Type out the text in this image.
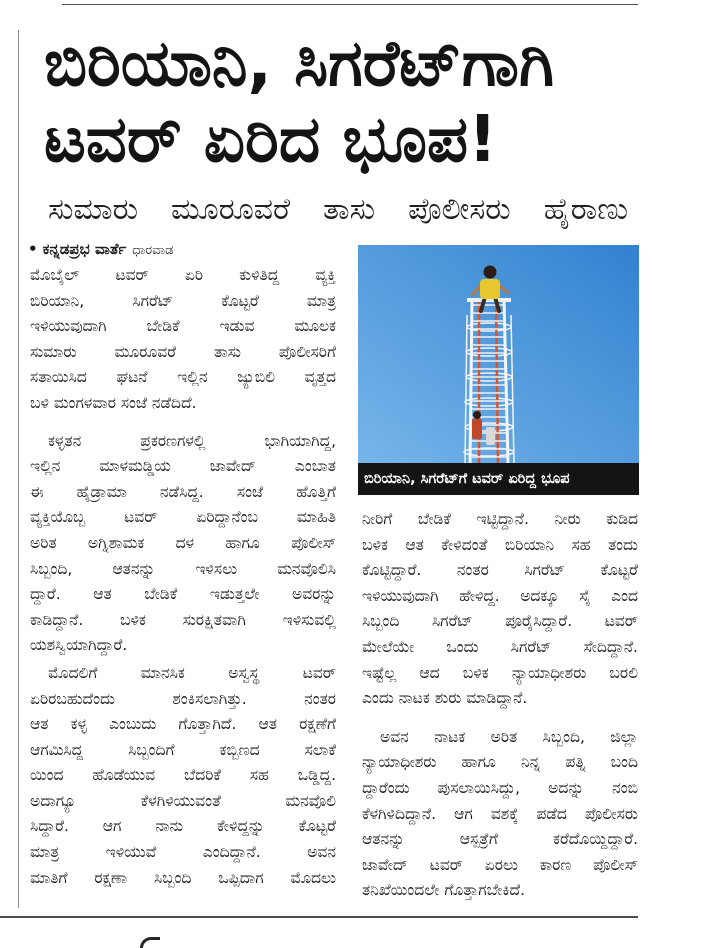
ಬಿರಿಯಾನಿ, ಸಿಗರೆಟ್‌ಗಾಗಿ
ಟವರ್ ಏರಿದ ಭೂಪ!
ಸುಮಾರು ಮೂರೂವರೆ ತಾಸು ಪೊಲೀಸರು ಹೈರಾಣು
• ಕನ್ನಡಪ್ರಭ ವಾರ್ತೆ ಧಾರವಾಡ
ಮೊಬೈಲ್ ಟವರ್ ಏರಿ ಕುಳಿತಿದ್ದ ವ್ಯಕ್ತಿ
ಬಿರಿಯಾನಿ, ಸಿಗರೆಟ್ ಕೊಟ್ಟರೆ ಮಾತ್ರ
ಇಳಿಯುವುದಾಗಿ ಬೇಡಿಕೆ ಇಡುವ ಮೂಲಕ
ಸುಮಾರು ಮೂರೂವರೆ ತಾಸು ಪೊಲೀಸರಿಗೆ
ಸತಾಯಿಸಿದ ಘಟನೆ ಇಲ್ಲಿನ ಜ್ಯುಬಿಲಿ ವೃತ್ತದ
ಬಳಿ ಮಂಗಳವಾರ ಸಂಜೆ ನಡೆದಿದೆ.
ಕಳ್ಳತನ ಪ್ರಕರಣಗಳಲ್ಲಿ ಭಾಗಿಯಾಗಿದ್ದ,
ಇಲ್ಲಿನ ಮಾಳಮಡ್ಡಿಯ ಜಾವೇದ್ ಎಂಬಾತ
ಈ ಹೈಡ್ರಾಮಾ ನಡೆಸಿದ್ದ. ಸಂಜೆ ಹೊತ್ತಿಗೆ
ವ್ಯಕ್ತಿಯೊಬ್ಬ ಟವರ್ ಏರಿದ್ದಾನೆಂಬ ಮಾಹಿತಿ
ಅರಿತ ಅಗ್ನಿಶಾಮಕ ದಳ ಹಾಗೂ ಪೊಲೀಸ್
ಸಿಬ್ಬಂದಿ, ಆತನನ್ನು ಇಳಿಸಲು ಮನವೊಲಿಸಿ
ದ್ದಾರೆ. ಆತ ಬೇಡಿಕೆ ಇಡುತ್ತಲೇ ಅವರನ್ನು
ಕಾಡಿದ್ದಾನೆ. ಬಳಿಕ ಸುರಕ್ಷಿತವಾಗಿ ಇಳಿಸುವಲ್ಲಿ
ಯಶಸ್ವಿಯಾಗಿದ್ದಾರೆ.
ಮೊದಲಿಗೆ ಮಾನಸಿಕ ಅಸ್ವಸ್ಥ ಟವರ್
ಏರಿರಬಹುದೆಂದು ಶಂಕಿಸಲಾಗಿತ್ತು. ನಂತರ
ಆತ ಕಳ್ಳ ಎಂಬುದು ಗೊತ್ತಾಗಿದೆ. ಆತ ರಕ್ಷಣೆಗೆ
ಆಗಮಿಸಿದ್ದ ಸಿಬ್ಬಂದಿಗೆ ಕಬ್ಬಿಣದ ಸಲಾಕೆ
ಯಿಂದ ಹೊಡೆಯುವ ಬೆದರಿಕೆ ಸಹ ಒಡ್ಡಿದ್ದ.
ಅದಾಗ್ಯೂ ಕೆಳಗಿಳಿಯುವಂತೆ ಮನವೊಲಿ
ಸಿದ್ದಾರೆ. ಆಗ ನಾನು ಕೇಳಿದ್ದನ್ನು ಕೊಟ್ಟರೆ
ಮಾತ್ರ ಇಳಿಯುವೆ ಎಂದಿದ್ದಾನೆ. ಅವನ
ಮಾತಿಗೆ ರಕ್ಷಣಾ ಸಿಬ್ಬಂದಿ ಒಪ್ಪಿದಾಗ ಮೊದಲು
ಬಿರಿಯಾನಿ, ಸಿಗರೆಟ್‌ಗೆ ಟವರ್ ಏರಿದ್ದ ಭೂಪ
ನೀರಿಗೆ ಬೇಡಿಕೆ ಇಟ್ಟಿದ್ದಾನೆ. ನೀರು ಕುಡಿದ
ಬಳಿಕ ಆತ ಕೇಳಿದಂತೆ ಬಿರಿಯಾನಿ ಸಹ ತಂದು
ಕೊಟ್ಟಿದ್ದಾರೆ. ನಂತರ ಸಿಗರೆಟ್ ಕೊಟ್ಟರೆ
ಇಳಿಯುವುದಾಗಿ ಹೇಳಿದ್ದ. ಅದಕ್ಕೂ ಸೈ ಎಂದ
ಸಿಬ್ಬಂದಿ ಸಿಗರೆಟ್ ಪೂರೈಸಿದ್ದಾರೆ. ಟವರ್
ಮೇಲೆಯೇ ಒಂದು ಸಿಗರೆಟ್ ಸೇದಿದ್ದಾನೆ.
ಇಷ್ಟೆಲ್ಲ ಆದ ಬಳಿಕ ನ್ಯಾಯಾಧೀಶರು ಬರಲಿ
ಎಂದು ನಾಟಕ ಶುರು ಮಾಡಿದ್ದಾನೆ.
ಅವನ ನಾಟಕ ಅರಿತ ಸಿಬ್ಬಂದಿ, ಜಿಲ್ಲಾ
ನ್ಯಾಯಾಧೀಶರು ಹಾಗೂ ನಿನ್ನ ಪತ್ನಿ ಬಂದಿ
ದ್ದಾರೆಂದು ಪುಸಲಾಯಿಸಿದ್ದು, ಅದನ್ನು ನಂಬಿ
ಕೆಳಗಿಳಿದಿದ್ದಾನೆ. ಆಗ ವಶಕ್ಕೆ ಪಡೆದ ಪೊಲೀಸರು
ಆತನನ್ನು ಆಸ್ಪತ್ರೆಗೆ ಕರೆದೊಯ್ದಿದ್ದಾರೆ.
ಜಾವೇದ್ ಟವರ್ ಏರಲು ಕಾರಣ ಪೊಲೀಸ್
ತನಿಖೆಯಿಂದಲೇ ಗೊತ್ತಾಗಬೇಕಿದೆ.
